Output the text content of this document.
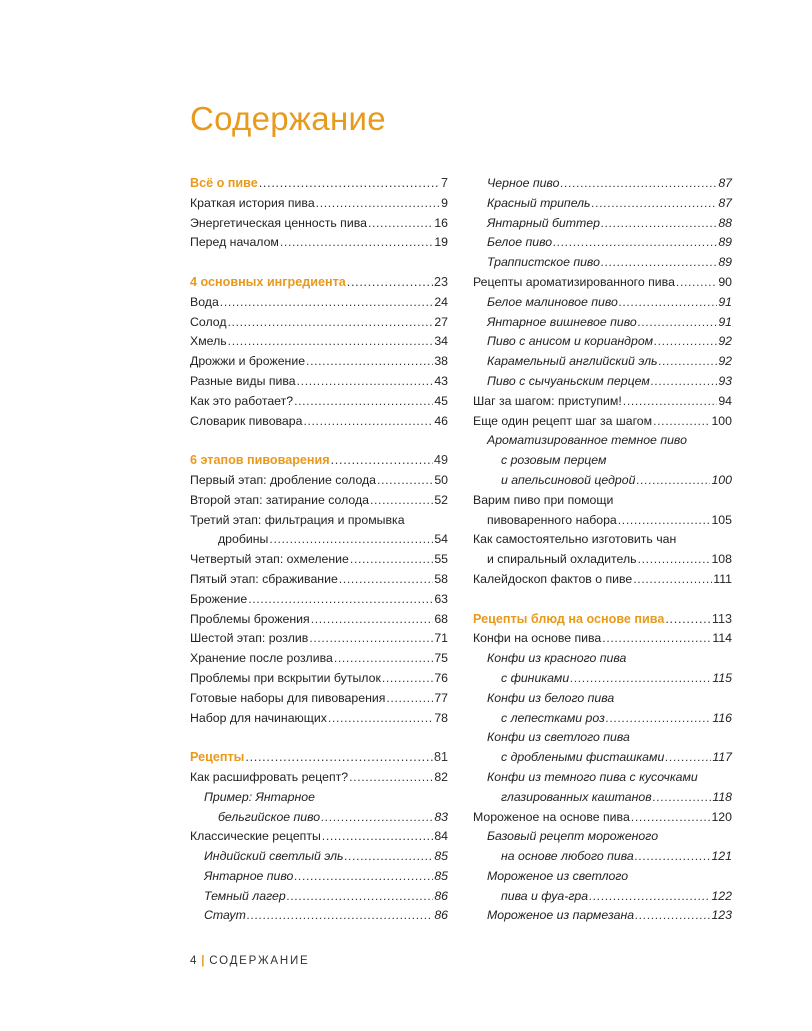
Содержание
Всё о пиве . . .	7
Краткая история пива . . .	9
Энергетическая ценность пива . . .	16
Перед началом . . .	19
4 основных ингредиента . . .	23
Вода . . .	24
Солод . . .	27
Хмель . . .	34
Дрожжи и брожение . . .	38
Разные виды пива . . .	43
Как это работает? . . .	45
Словарик пивовара . . .	46
6 этапов пивоварения . . .	49
Первый этап: дробление солода . . .	50
Второй этап: затирание солода . . .	52
Третий этап: фильтрация и промывка
дробины . . .	54
Четвертый этап: охмеление . . .	55
Пятый этап: сбраживание . . .	58
Брожение . . .	63
Проблемы брожения . . .	68
Шестой этап: розлив . . .	71
Хранение после розлива . . .	75
Проблемы при вскрытии бутылок . . .	76
Готовые наборы для пивоварения . . .	77
Набор для начинающих . . .	78
Рецепты . . .	81
Как расшифровать рецепт? . . .	82
Пример: Янтарное
бельгийское пиво . . .	83
Классические рецепты . . .	84
Индийский светлый эль . . .	85
Янтарное пиво . . .	85
Темный лагер . . .	86
Стаут . . .	86
Черное пиво . . .	87
Красный трипель . . .	87
Янтарный биттер . . .	88
Белое пиво . . .	89
Траппистское пиво . . .	89
Рецепты ароматизированного пива . . .	90
Белое малиновое пиво . . .	91
Янтарное вишневое пиво . . .	91
Пиво с анисом и кориандром . . .	92
Карамельный английский эль . . .	92
Пиво с сычуаньским перцем . . .	93
Шаг за шагом: приступим! . . .	94
Еще один рецепт шаг за шагом . . .	100
Ароматизированное темное пиво
с розовым перцем
и апельсиновой цедрой . . .	100
Варим пиво при помощи
пивоваренного набора . . .	105
Как самостоятельно изготовить чан
и спиральный охладитель . . .	108
Калейдоскоп фактов о пиве . . .	111
Рецепты блюд на основе пива . . .	113
Конфи на основе пива . . .	114
Конфи из красного пива
с финиками . . .	115
Конфи из белого пива
с лепестками роз . . .	116
Конфи из светлого пива
с дроблеными фисташками . . .	117
Конфи из темного пива с кусочками
глазированных каштанов . . .	118
Мороженое на основе пива . . .	120
Базовый рецепт мороженого
на основе любого пива . . .	121
Мороженое из светлого
пива и фуа-гра . . .	122
Мороженое из пармезана . . .	123
4 | СОДЕРЖАНИЕ
